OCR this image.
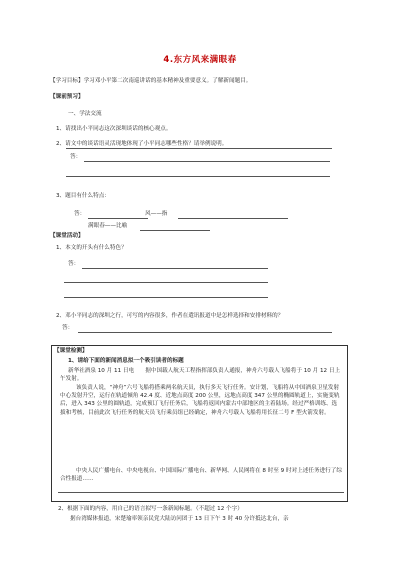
4.东方风来满眼春
【学习目标】学习邓小平第二次南巡讲话的基本精神及重要意义。了解新闻题目。
【课前预习】
一、学法交流
1、请找出小平同志这次深圳谈话的核心观点。
2、请文中的谈话语灵活现地体现了小平同志哪些性格？请举例说明。
答：
3、题目有什么特点：
答：	风——指
满眼春——比喻
【课堂活动】
1、本文的开头有什么特色？
答：
2、邓小平同志的深圳之行，可写的内容很多，作者在遣讯报道中是怎样选择和安排材料的？
答：
【课堂检测】
1、请给下面的新闻消息拟一个吸引读者的标题
新华社酒泉 10 月 11 日电　　据中国载人航天工程指挥部负责人通报，神舟六号载人飞船将于 10 月 12 日上午发射。
该负责人说，“神舟”六号飞船将搭乘两名航天员，执行多天飞行任务。安计划，飞船将从中国酒泉卫星发射中心发射升空，运行在轨道倾角 42.4 度、近地点高度 200 公里，远地点高度 347 公里的椭圆轨道上，实施变轨后，进入 343 公里的圆轨道，完成预订飞行任务后，飞船将返回内蒙古中部地区的主着陆场。经过严格训练、选拔和考核，目前此次飞行任务的航天员飞行乘员组已经确定，神舟六号载人飞船将用长征二号 F 型火箭发射。
中央人民广播电台、中央电视台、中国国际广播电台、新华网、人民网将在 8 时至 9 时对上述任务进行了综合性报道……
2、根据下面的内容，用自己的语言拟写一条新闻标题。（不超过 12 个字）
据台湾媒体报道，宋楚瑜率领亲民党大陆访问团于 13 日下午 3 时 40 分许抵达北台，亲
